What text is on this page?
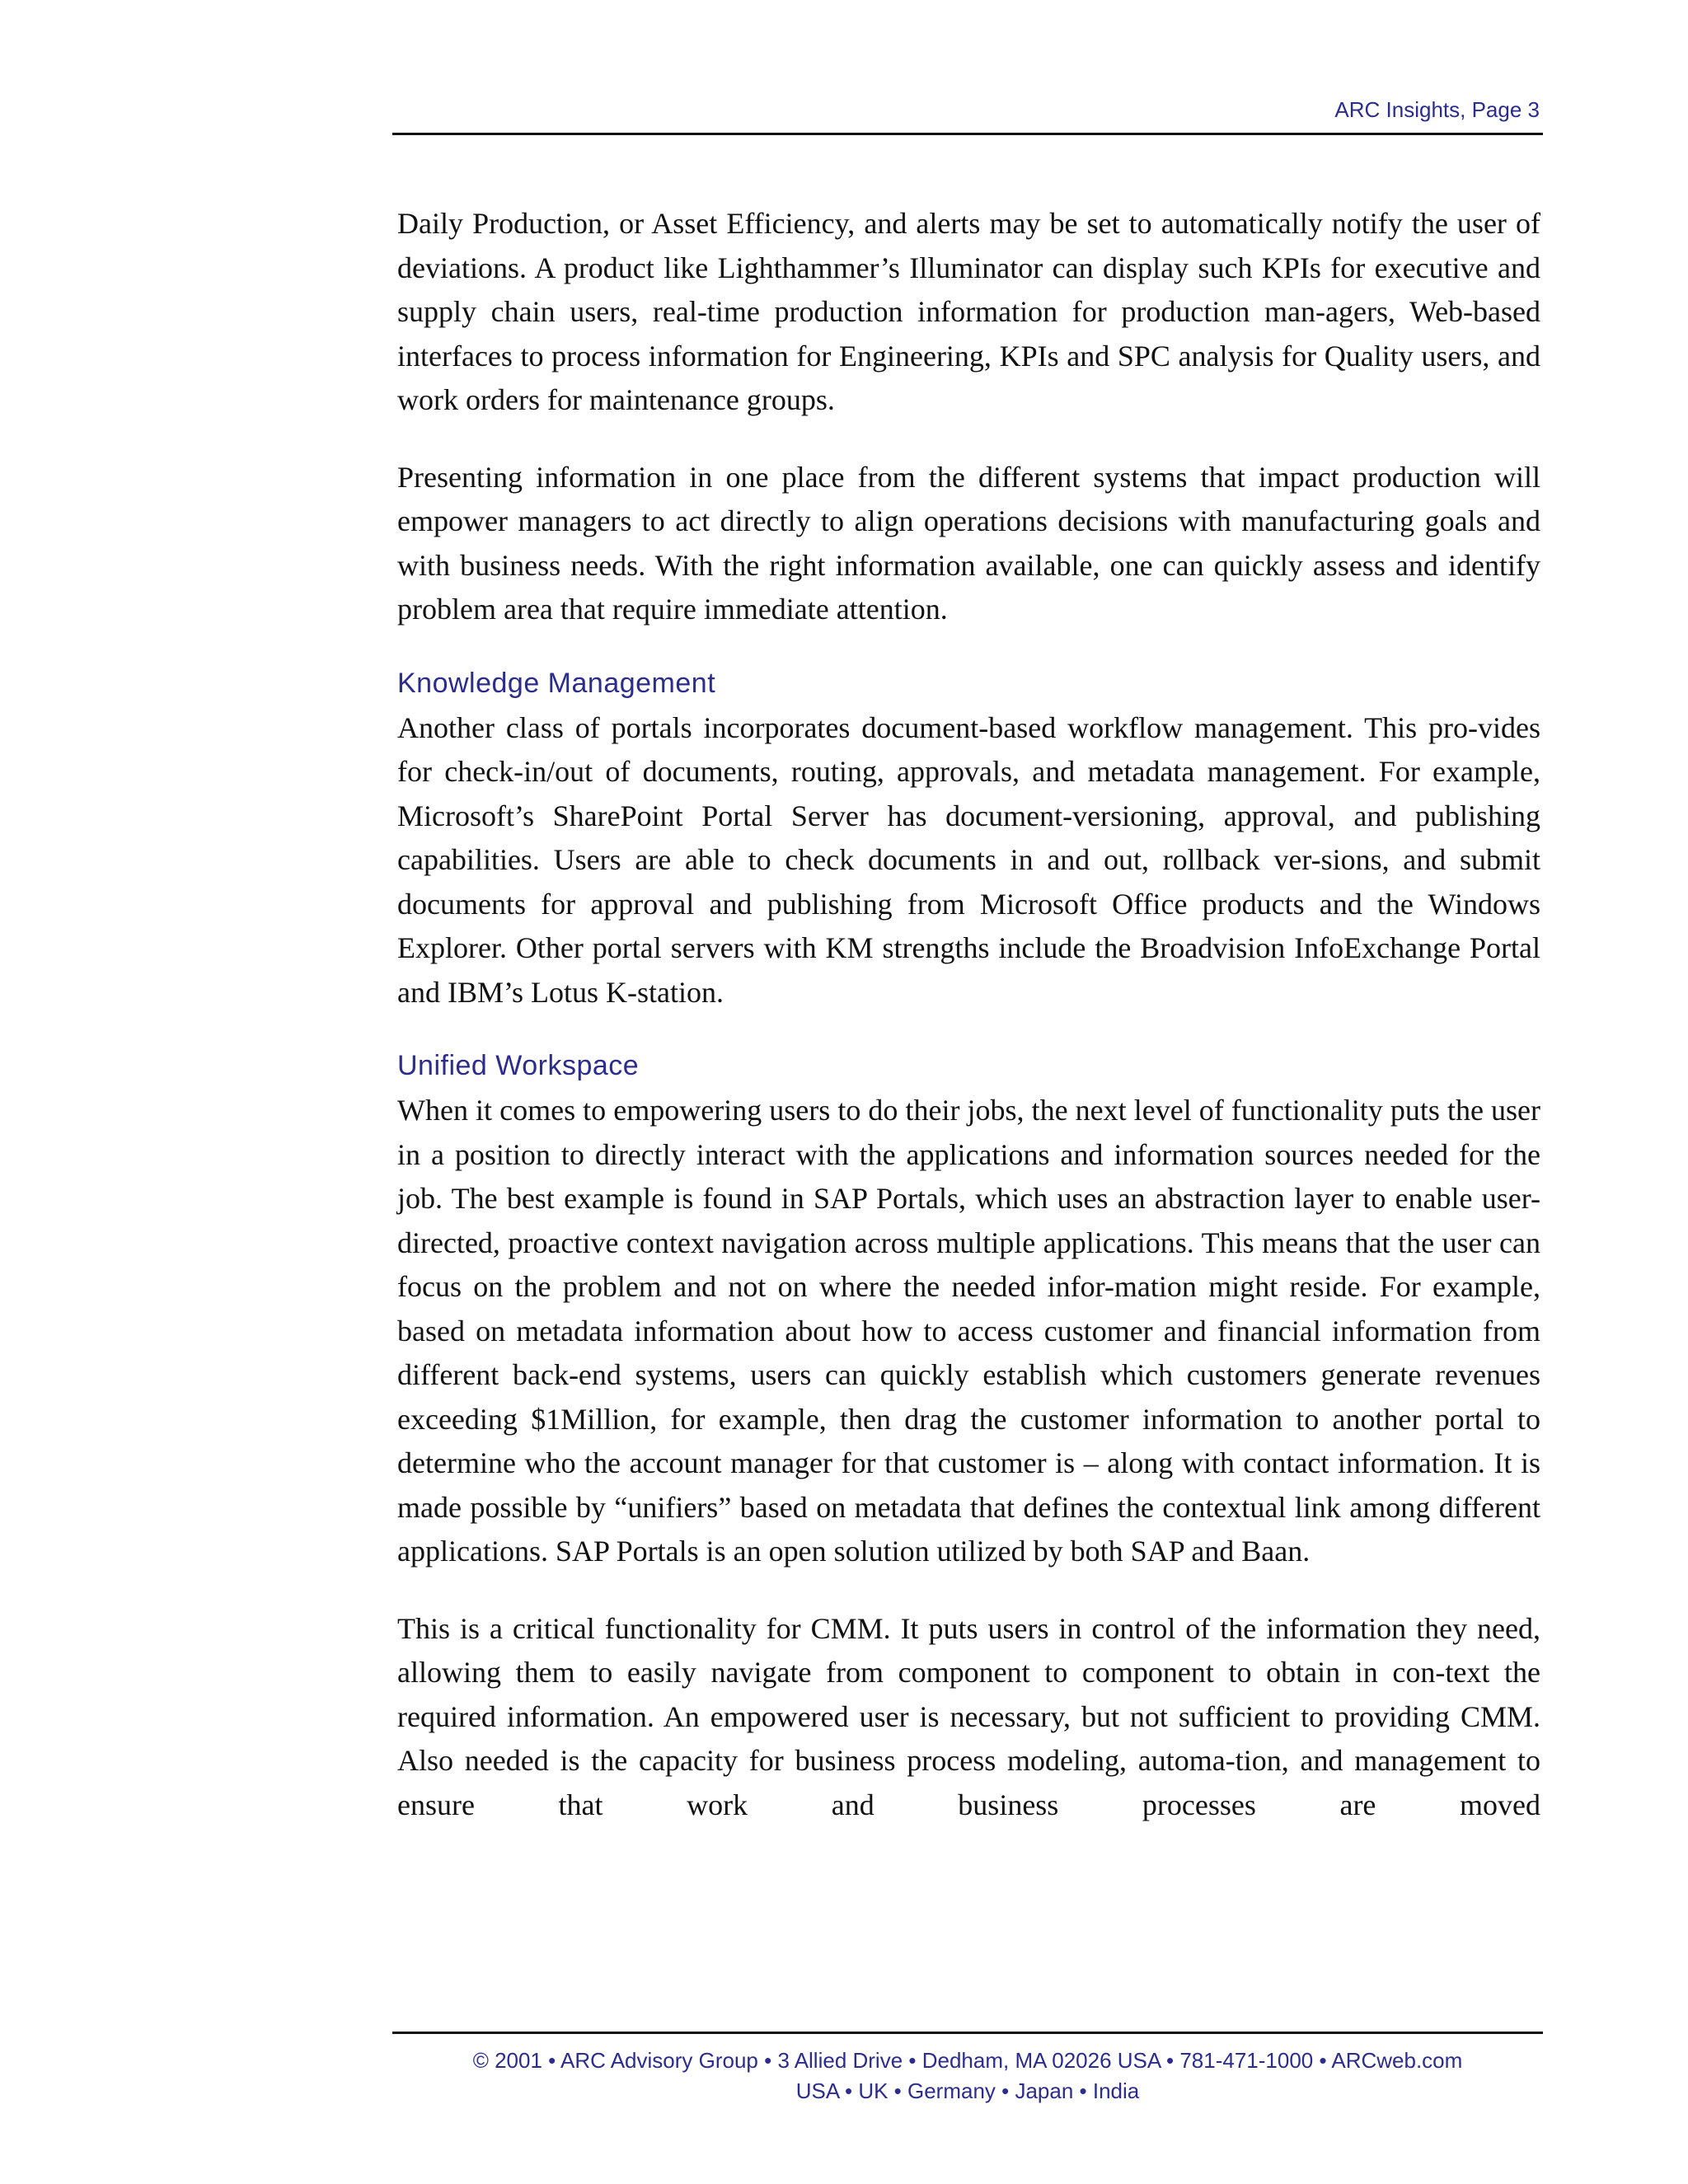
ARC Insights, Page 3

Daily Production, or Asset Efficiency, and alerts may be set to automatically notify the user of deviations. A product like Lighthammer’s Illuminator can display such KPIs for executive and supply chain users, real-time production information for production man-agers, Web-based interfaces to process information for Engineering, KPIs and SPC analysis for Quality users, and work orders for maintenance groups.

Presenting information in one place from the different systems that impact production will empower managers to act directly to align operations decisions with manufacturing goals and with business needs. With the right information available, one can quickly assess and identify problem area that require immediate attention.

Knowledge Management

Another class of portals incorporates document-based workflow management. This pro-vides for check-in/out of documents, routing, approvals, and metadata management. For example, Microsoft’s SharePoint Portal Server has document-versioning, approval, and publishing capabilities. Users are able to check documents in and out, rollback ver-sions, and submit documents for approval and publishing from Microsoft Office products and the Windows Explorer. Other portal servers with KM strengths include the Broadvision InfoExchange Portal and IBM’s Lotus K-station.

Unified Workspace

When it comes to empowering users to do their jobs, the next level of functionality puts the user in a position to directly interact with the applications and information sources needed for the job. The best example is found in SAP Portals, which uses an abstraction layer to enable user-directed, proactive context navigation across multiple applications. This means that the user can focus on the problem and not on where the needed infor-mation might reside. For example, based on metadata information about how to access customer and financial information from different back-end systems, users can quickly establish which customers generate revenues exceeding $1Million, for example, then drag the customer information to another portal to determine who the account manager for that customer is – along with contact information. It is made possible by “unifiers” based on metadata that defines the contextual link among different applications. SAP Portals is an open solution utilized by both SAP and Baan.

This is a critical functionality for CMM. It puts users in control of the information they need, allowing them to easily navigate from component to component to obtain in con-text the required information. An empowered user is necessary, but not sufficient to providing CMM. Also needed is the capacity for business process modeling, automa-tion, and management to ensure that work and business processes are moved

© 2001 • ARC Advisory Group • 3 Allied Drive • Dedham, MA 02026 USA • 781-471-1000 • ARCweb.com
USA • UK • Germany • Japan • India
